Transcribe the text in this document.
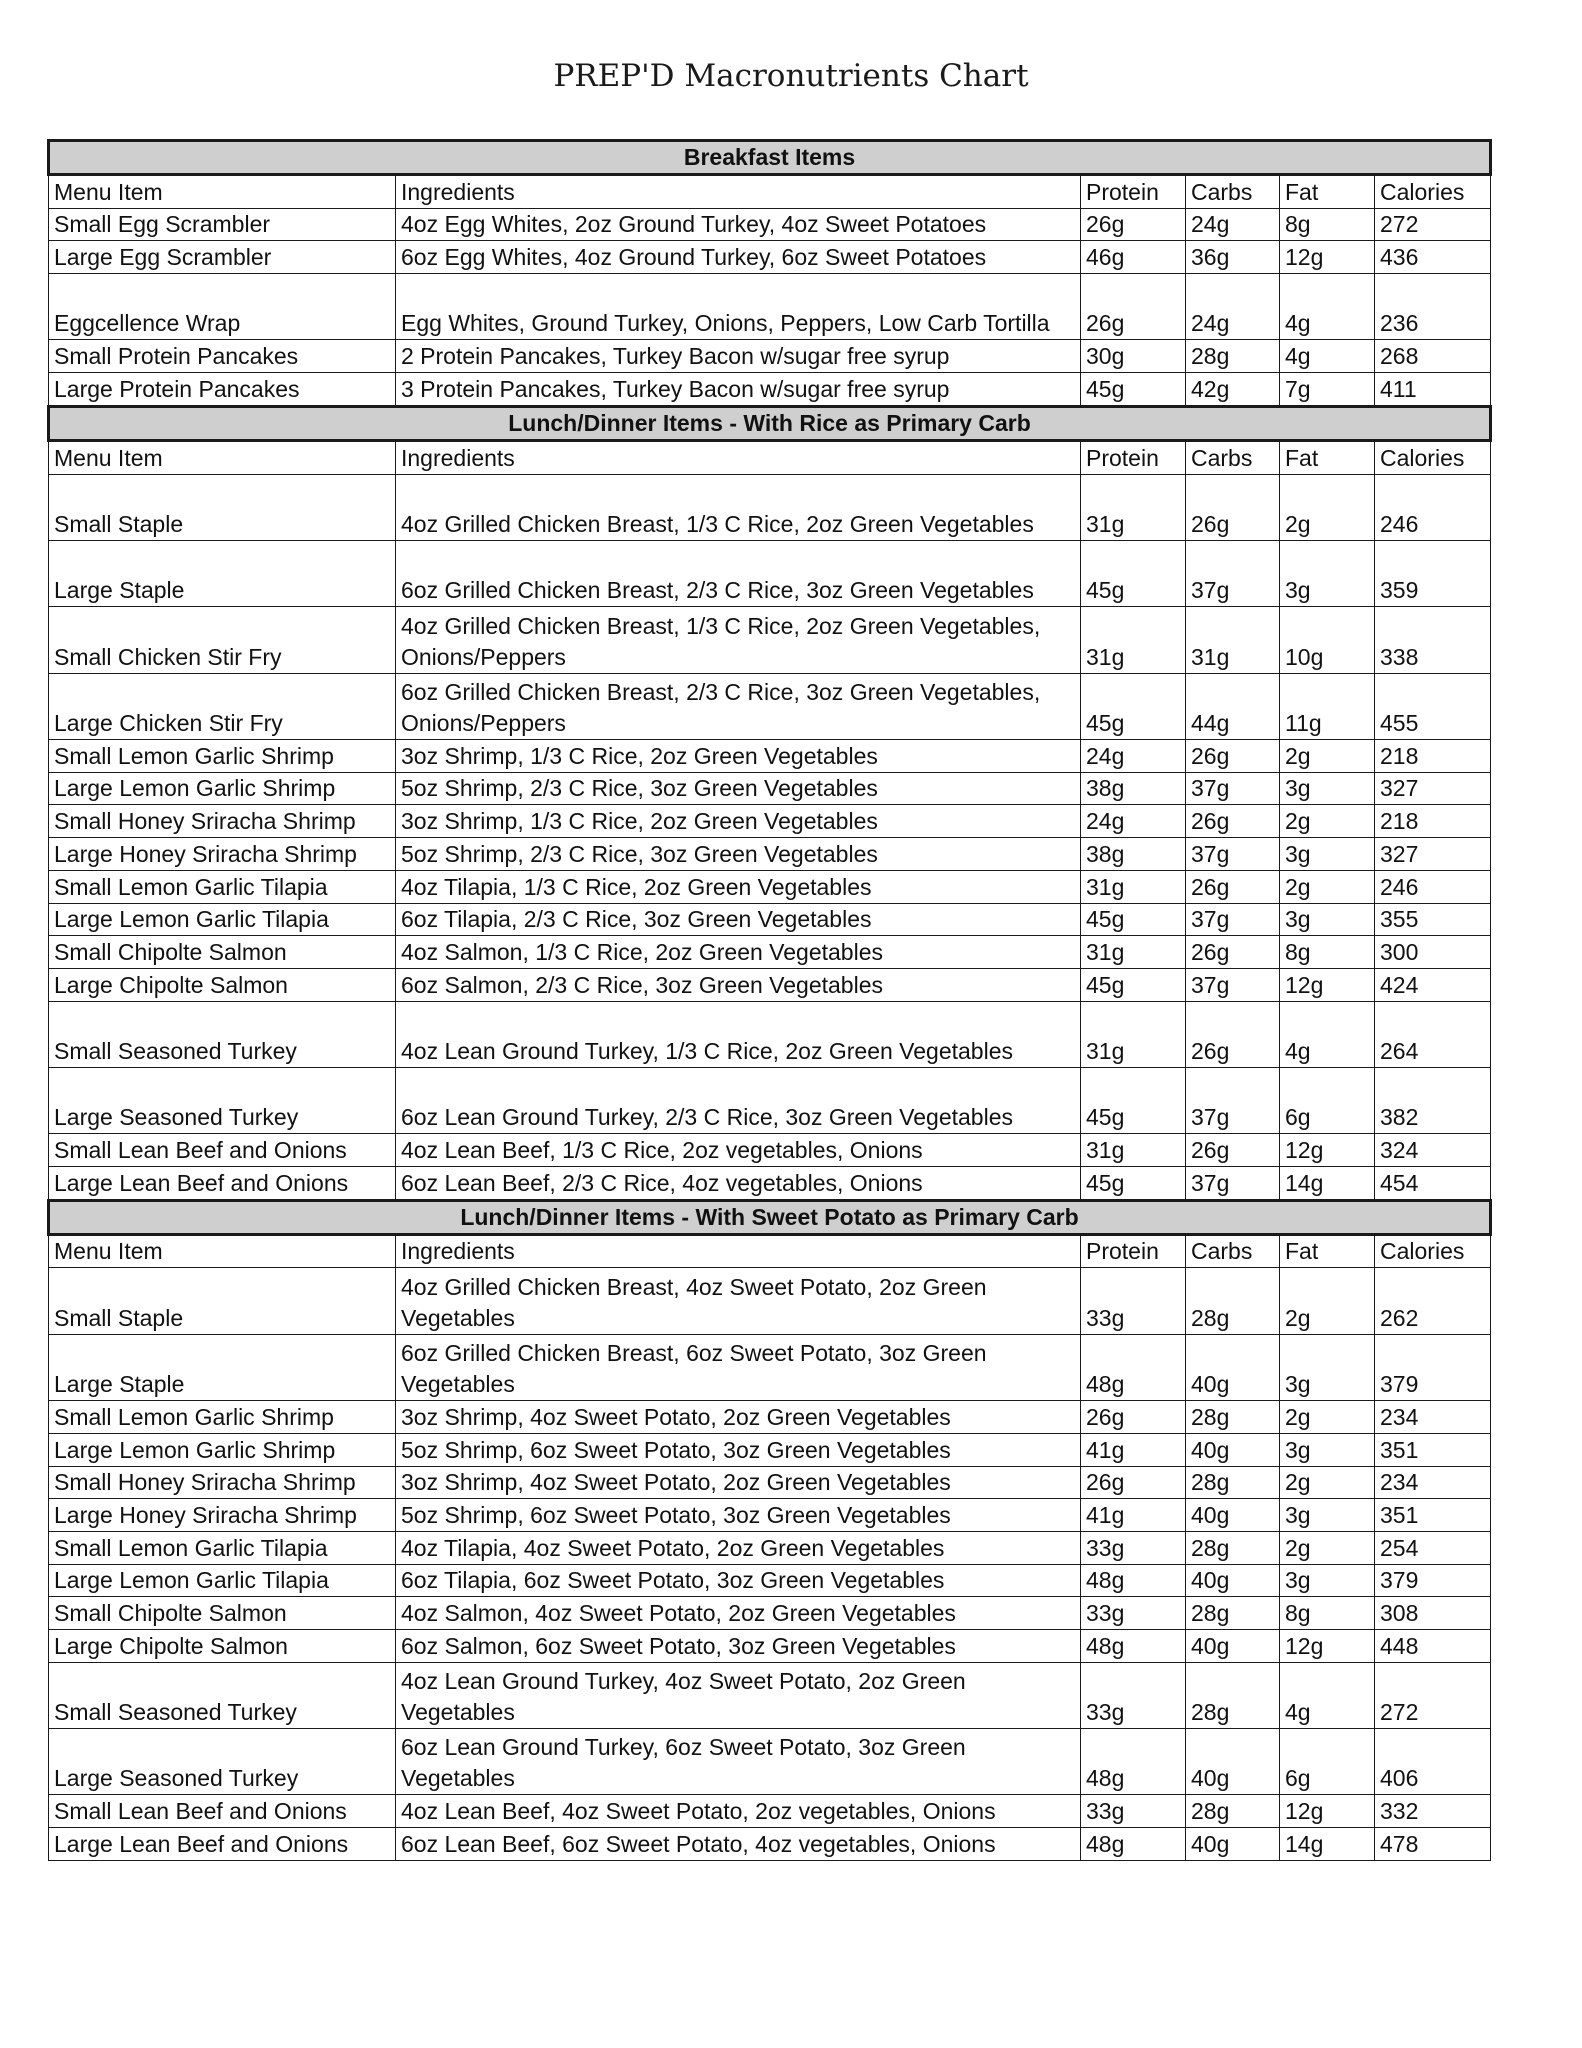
PREP'D Macronutrients Chart
Breakfast Items					
Menu Item	Ingredients	Protein	Carbs	Fat	Calories
Small Egg Scrambler	4oz Egg Whites, 2oz Ground Turkey, 4oz Sweet Potatoes	26g	24g	8g	272
Large Egg Scrambler	6oz Egg Whites, 4oz Ground Turkey, 6oz Sweet Potatoes	46g	36g	12g	436
Eggcellence Wrap	Egg Whites, Ground Turkey, Onions, Peppers, Low Carb Tortilla	26g	24g	4g	236
Small Protein Pancakes	2 Protein Pancakes, Turkey Bacon w/sugar free syrup	30g	28g	4g	268
Large Protein Pancakes	3 Protein Pancakes, Turkey Bacon w/sugar free syrup	45g	42g	7g	411
Lunch/Dinner Items - With Rice as Primary Carb					
Menu Item	Ingredients	Protein	Carbs	Fat	Calories
Small Staple	4oz Grilled Chicken Breast, 1/3 C Rice, 2oz Green Vegetables	31g	26g	2g	246
Large Staple	6oz Grilled Chicken Breast, 2/3 C Rice, 3oz Green Vegetables	45g	37g	3g	359
Small Chicken Stir Fry	4oz Grilled Chicken Breast, 1/3 C Rice, 2oz Green Vegetables, Onions/Peppers	31g	31g	10g	338
Large Chicken Stir Fry	6oz Grilled Chicken Breast, 2/3 C Rice, 3oz Green Vegetables, Onions/Peppers	45g	44g	11g	455
Small Lemon Garlic Shrimp	3oz Shrimp, 1/3 C Rice, 2oz Green Vegetables	24g	26g	2g	218
Large Lemon Garlic Shrimp	5oz Shrimp, 2/3 C Rice, 3oz Green Vegetables	38g	37g	3g	327
Small Honey Sriracha Shrimp	3oz Shrimp, 1/3 C Rice, 2oz Green Vegetables	24g	26g	2g	218
Large Honey Sriracha Shrimp	5oz Shrimp, 2/3 C Rice, 3oz Green Vegetables	38g	37g	3g	327
Small Lemon Garlic Tilapia	4oz Tilapia, 1/3 C Rice, 2oz Green Vegetables	31g	26g	2g	246
Large Lemon Garlic Tilapia	6oz Tilapia, 2/3 C Rice, 3oz Green Vegetables	45g	37g	3g	355
Small Chipolte Salmon	4oz Salmon, 1/3 C Rice, 2oz Green Vegetables	31g	26g	8g	300
Large Chipolte Salmon	6oz Salmon, 2/3 C Rice, 3oz Green Vegetables	45g	37g	12g	424
Small Seasoned Turkey	4oz Lean Ground Turkey, 1/3 C Rice, 2oz Green Vegetables	31g	26g	4g	264
Large Seasoned Turkey	6oz Lean Ground Turkey, 2/3 C Rice, 3oz Green Vegetables	45g	37g	6g	382
Small Lean Beef and Onions	4oz Lean Beef, 1/3 C Rice, 2oz vegetables, Onions	31g	26g	12g	324
Large Lean Beef and Onions	6oz Lean Beef, 2/3 C Rice, 4oz vegetables, Onions	45g	37g	14g	454
Lunch/Dinner Items - With Sweet Potato as Primary Carb					
Menu Item	Ingredients	Protein	Carbs	Fat	Calories
Small Staple	4oz Grilled Chicken Breast, 4oz Sweet Potato, 2oz Green Vegetables	33g	28g	2g	262
Large Staple	6oz Grilled Chicken Breast, 6oz Sweet Potato, 3oz Green Vegetables	48g	40g	3g	379
Small Lemon Garlic Shrimp	3oz Shrimp, 4oz Sweet Potato, 2oz Green Vegetables	26g	28g	2g	234
Large Lemon Garlic Shrimp	5oz Shrimp, 6oz Sweet Potato, 3oz Green Vegetables	41g	40g	3g	351
Small Honey Sriracha Shrimp	3oz Shrimp, 4oz Sweet Potato, 2oz Green Vegetables	26g	28g	2g	234
Large Honey Sriracha Shrimp	5oz Shrimp, 6oz Sweet Potato, 3oz Green Vegetables	41g	40g	3g	351
Small Lemon Garlic Tilapia	4oz Tilapia, 4oz Sweet Potato, 2oz Green Vegetables	33g	28g	2g	254
Large Lemon Garlic Tilapia	6oz Tilapia, 6oz Sweet Potato, 3oz Green Vegetables	48g	40g	3g	379
Small Chipolte Salmon	4oz Salmon, 4oz Sweet Potato, 2oz Green Vegetables	33g	28g	8g	308
Large Chipolte Salmon	6oz Salmon, 6oz Sweet Potato, 3oz Green Vegetables	48g	40g	12g	448
Small Seasoned Turkey	4oz Lean Ground Turkey, 4oz Sweet Potato, 2oz Green Vegetables	33g	28g	4g	272
Large Seasoned Turkey	6oz Lean Ground Turkey, 6oz Sweet Potato, 3oz Green Vegetables	48g	40g	6g	406
Small Lean Beef and Onions	4oz Lean Beef, 4oz Sweet Potato, 2oz vegetables, Onions	33g	28g	12g	332
Large Lean Beef and Onions	6oz Lean Beef, 6oz Sweet Potato, 4oz vegetables, Onions	48g	40g	14g	478
